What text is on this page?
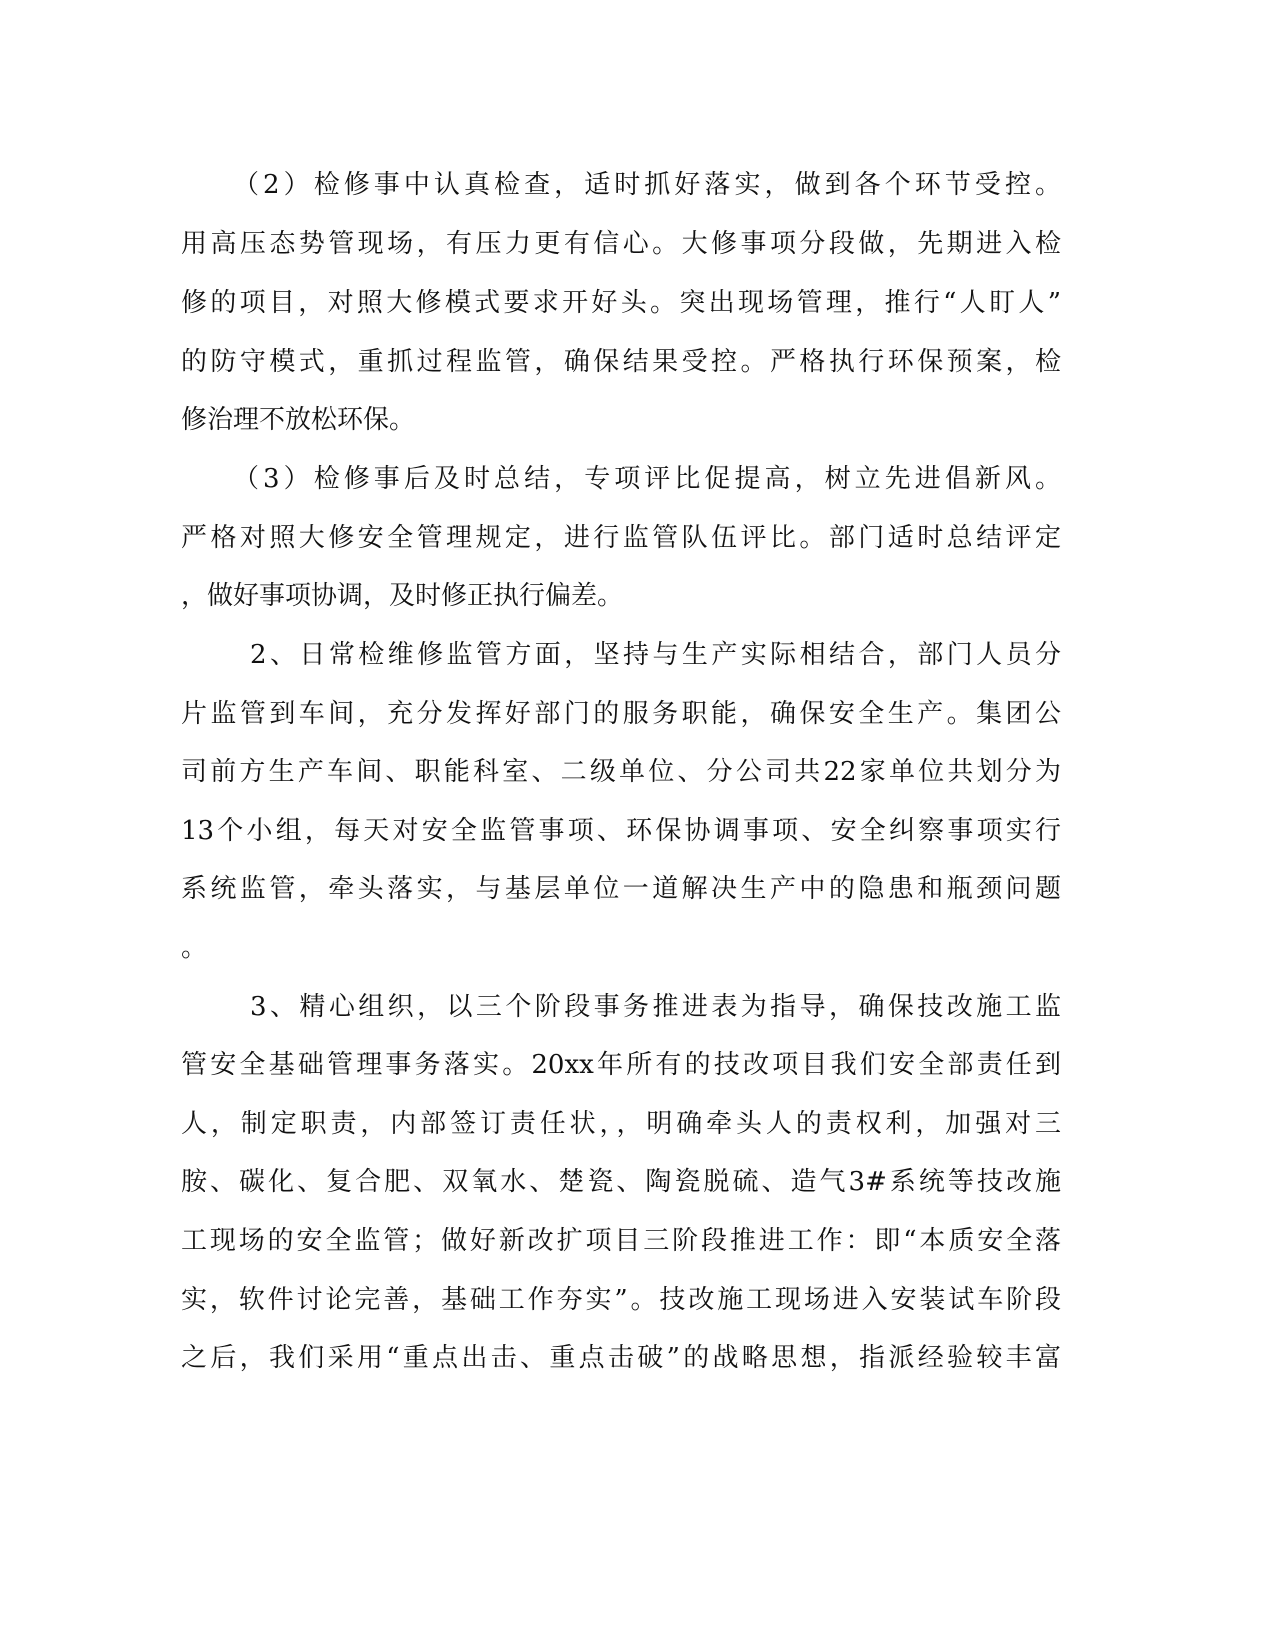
（2）检修事中认真检查，适时抓好落实，做到各个环节受控。
用高压态势管现场，有压力更有信心。大修事项分段做，先期进入检
修的项目，对照大修模式要求开好头。突出现场管理，推行“人盯人”
的防守模式，重抓过程监管，确保结果受控。严格执行环保预案，检
修治理不放松环保。
（3）检修事后及时总结，专项评比促提高，树立先进倡新风。
严格对照大修安全管理规定，进行监管队伍评比。部门适时总结评定
，做好事项协调，及时修正执行偏差。
2、日常检维修监管方面，坚持与生产实际相结合，部门人员分
片监管到车间，充分发挥好部门的服务职能，确保安全生产。集团公
司前方生产车间、职能科室、二级单位、分公司共22家单位共划分为
13个小组，每天对安全监管事项、环保协调事项、安全纠察事项实行
系统监管，牵头落实，与基层单位一道解决生产中的隐患和瓶颈问题
。
3、精心组织，以三个阶段事务推进表为指导，确保技改施工监
管安全基础管理事务落实。20xx年所有的技改项目我们安全部责任到
人，制定职责，内部签订责任状，，明确牵头人的责权利，加强对三
胺、碳化、复合肥、双氧水、楚瓷、陶瓷脱硫、造气3#系统等技改施
工现场的安全监管；做好新改扩项目三阶段推进工作：即“本质安全落
实，软件讨论完善，基础工作夯实”。技改施工现场进入安装试车阶段
之后，我们采用“重点出击、重点击破”的战略思想，指派经验较丰富
